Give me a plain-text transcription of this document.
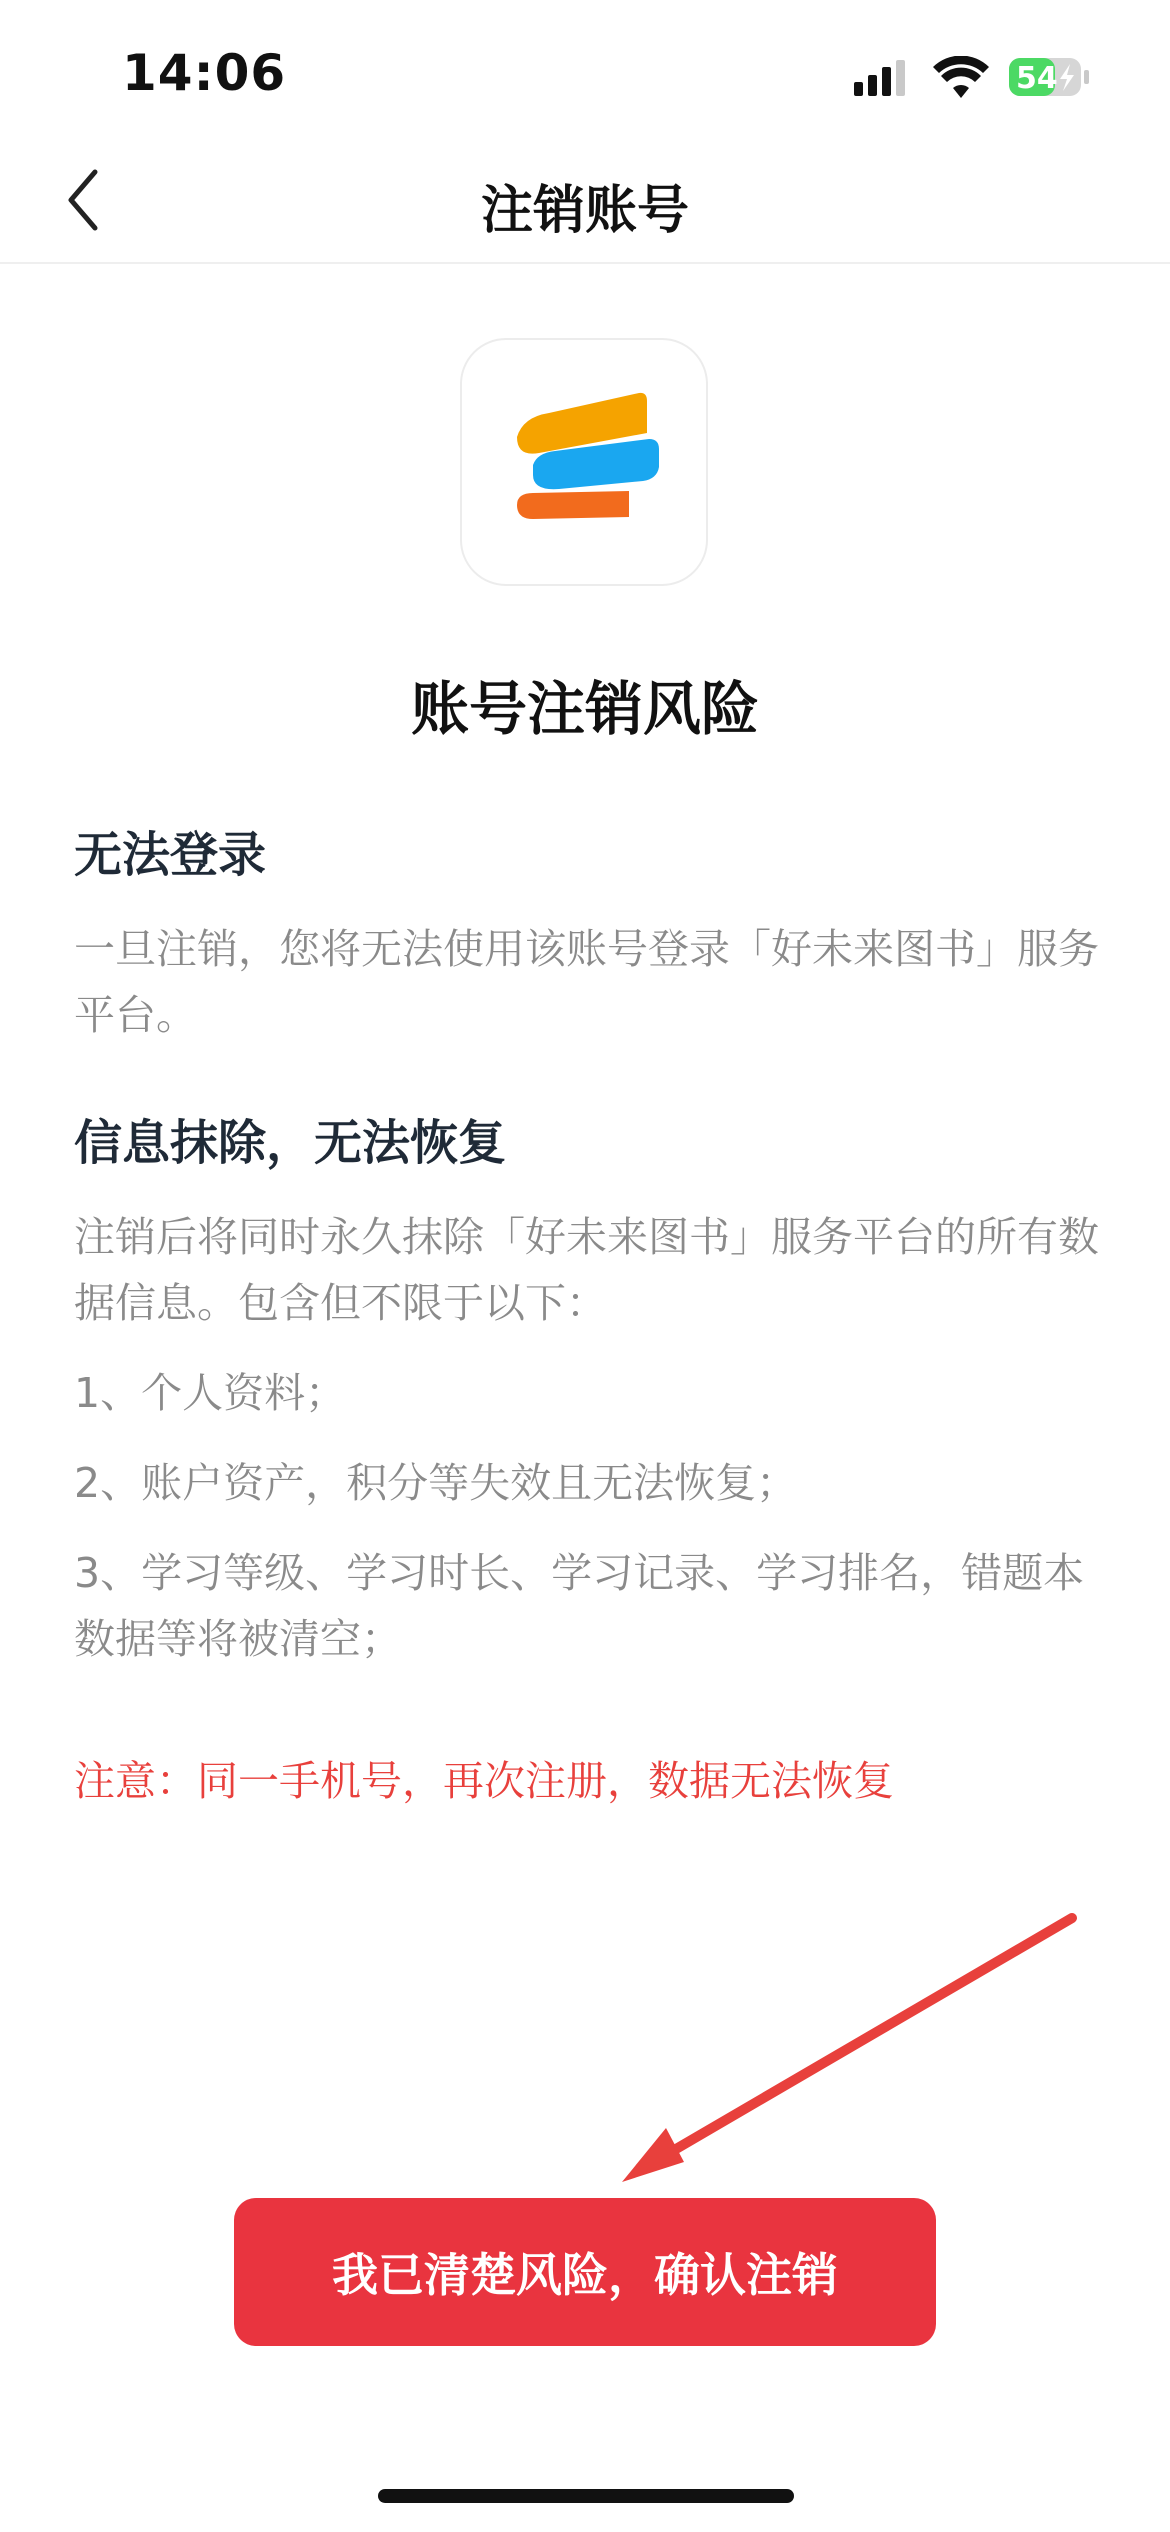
14:06	54
注销账号
账号注销风险
无法登录

一旦注销，您将无法使用该账号登录「好未来图书」服务平台。

信息抹除，无法恢复

注销后将同时永久抹除「好未来图书」服务平台的所有数据信息。包含但不限于以下：

1、个人资料；

2、账户资产，积分等失效且无法恢复；

3、学习等级、学习时长、学习记录、学习排名，错题本数据等将被清空；

注意：同一手机号，再次注册，数据无法恢复
我已清楚风险，确认注销
